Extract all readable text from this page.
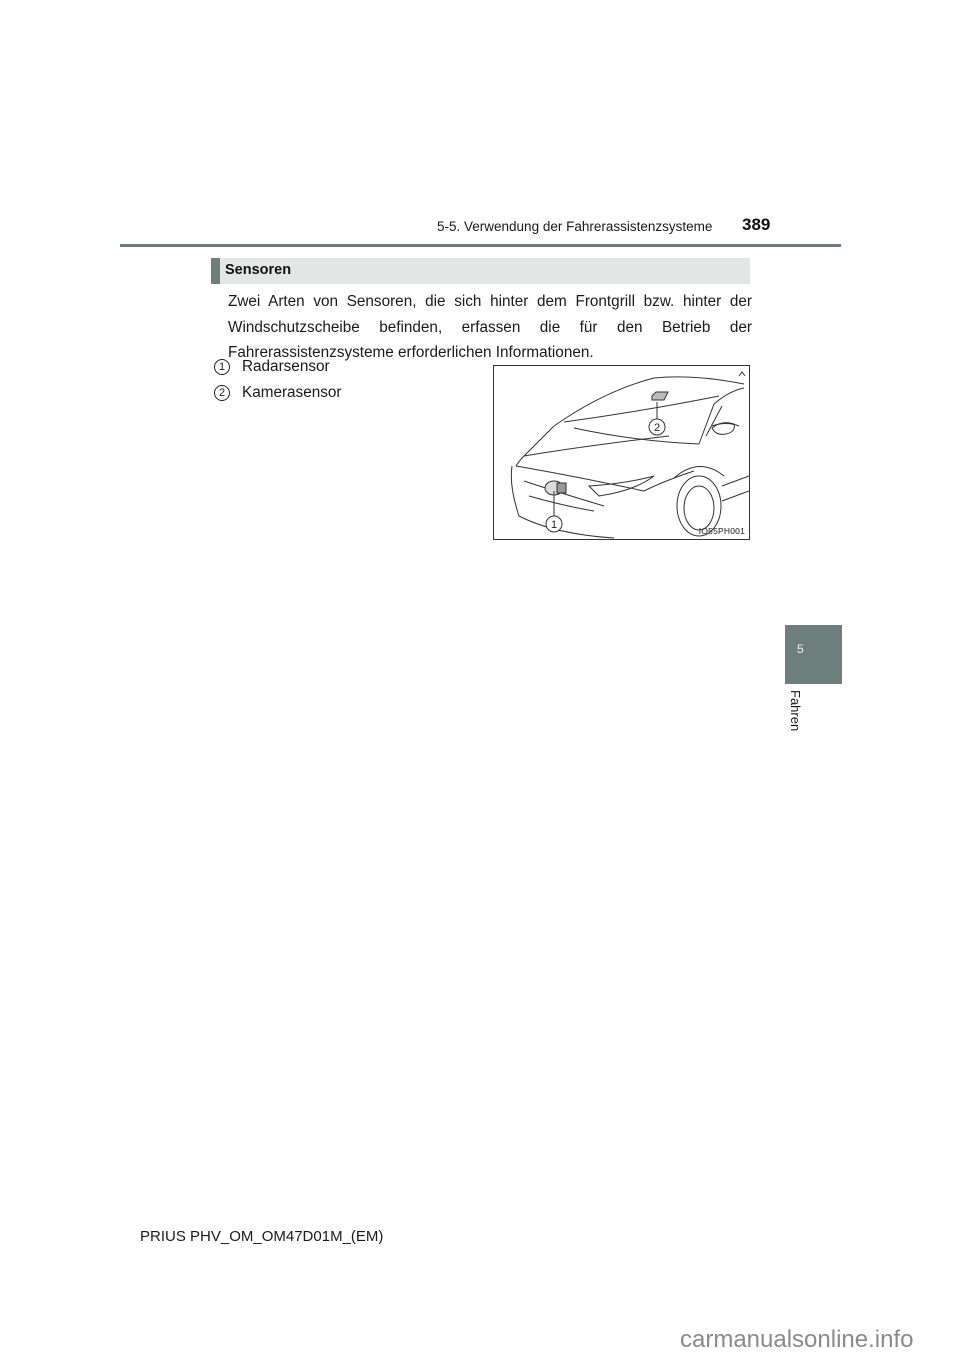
5-5. Verwendung der Fahrerassistenzsysteme 389
Sensoren
Zwei Arten von Sensoren, die sich hinter dem Frontgrill bzw. hinter der Windschutzscheibe befinden, erfassen die für den Betrieb der Fahrerassistenzsysteme erforderlichen Informationen.
1	Radarsensor
2	Kamerasensor
1
2
IO55PH001
5
Fahren
PRIUS PHV_OM_OM47D01M_(EM)
carmanualsonline.info
